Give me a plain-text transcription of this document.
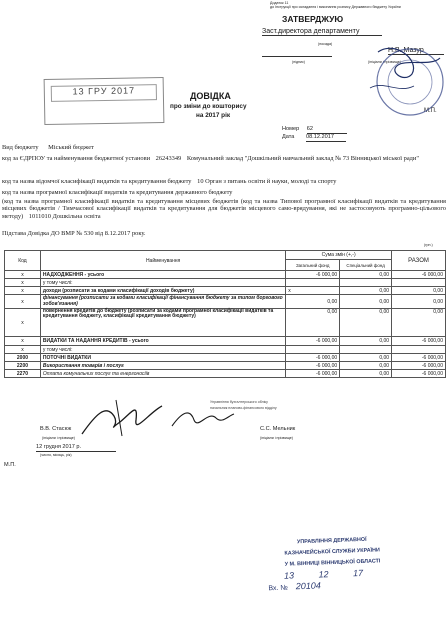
Додаток 11
до Інструкції про складання і виконання розпису Державного бюджету України
ЗАТВЕРДЖУЮ
Заст.директора департаменту
(посада)
Н.В. Мазур
(підпис)	(ініціали і прізвище)
М.П.
13 ГРУ 2017	ДОВІДКА
про зміни до кошторису
на 2017 рік
Номер 62
Дата 08.12.2017
Вид бюджету Міський бюджет
код за ЄДРПОУ та найменування бюджетної установи 26243349 Комунальний заклад "Дошкільний навчальний заклад № 73 Вінницької міської ради"
код та назва відомчої класифікації видатків та кредитування бюджету 10 Орган з питань освіти й науки, молоді та спорту
код та назва програмної класифікації видатків та кредитування державного бюджету
(код та назва програмної класифікації видатків та кредитування місцевих бюджетів (код та назва Типової програмної класифікації видатків та кредитування місцевих бюджетів / Тимчасової класифікації видатків та кредитування для бюджетів місцевого само-врядування, які не застосовують програмно-цільового методу) 1011010 Дошкільна освіта
Підстава Довідка ДО ВМР № 530 від 8.12.2017 року.
(грн.)
Код	Найменування	Сума змін (+,-)		РАЗОМ
		Загальний фонд	Спеціальний фонд	
x	НАДХОДЖЕННЯ - усього	-6 000,00	0,00	-6 000,00
x	у тому числі:			
x	доходи (розписати за кодами класифікації доходів бюджету)	x	0,00	0,00
x	фінансування (розписати за кодами класифікації фінансування бюджету за типом боргового зобов'язання)	0,00	0,00	0,00
x	повернення кредитів до бюджету (розписати за кодами програмної класифікації видатків та кредитування бюджету, класифікації кредитування бюджету)	0,00	0,00	0,00
x	ВИДАТКИ ТА НАДАННЯ КРЕДИТІВ - усього	-6 000,00	0,00	-6 000,00
x	у тому числі:			
2000	ПОТОЧНІ ВИДАТКИ	-6 000,00	0,00	-6 000,00
2200	Використання товарів і послуг	-6 000,00	0,00	-6 000,00
2270	Оплата комунальних послуг та енергоносіїв	-6 000,00	0,00	-6 000,00
В.В. Стасюк
(ініціали і прізвище)
Управління бухгалтерського обліку
начальник планово-фінансового відділу
С.С. Мельник
(ініціали і прізвище)
12 грудня 2017 р.
(число, місяць, рік)
М.П.
УПРАВЛІННЯ ДЕРЖАВНОЇ
КАЗНАЧЕЙСЬКОЇ СЛУЖБИ УКРАЇНИ
У М. ВІННИЦІ ВІННИЦЬКОЇ ОБЛАСТІ
13	12	17
Вх. № 20104
